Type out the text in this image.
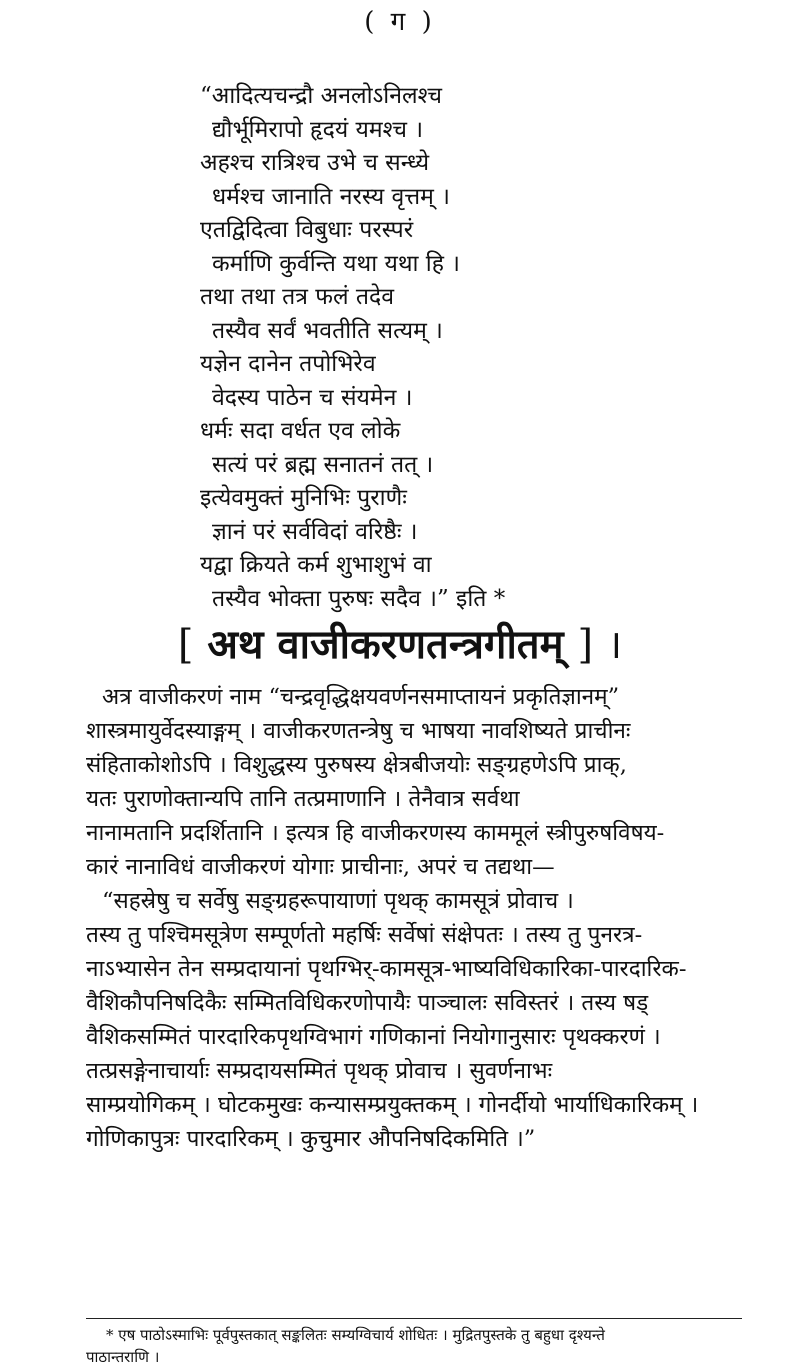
( ग )
“आदित्यचन्द्रौ अनलोऽनिलश्च
द्यौर्भूमिरापो हृदयं यमश्च ।
अहश्च रात्रिश्च उभे च सन्ध्ये
धर्मश्च जानाति नरस्य वृत्तम् ।
एतद्विदित्वा विबुधाः परस्परं
कर्माणि कुर्वन्ति यथा यथा हि ।
तथा तथा तत्र फलं तदेव
तस्यैव सर्वं भवतीति सत्यम् ।
यज्ञेन दानेन तपोभिरेव
वेदस्य पाठेन च संयमेन ।
धर्मः सदा वर्धत एव लोके
सत्यं परं ब्रह्म सनातनं तत् ।
इत्येवमुक्तं मुनिभिः पुराणैः
ज्ञानं परं सर्वविदां वरिष्ठैः ।
यद्वा क्रियते कर्म शुभाशुभं वा
तस्यैव भोक्ता पुरुषः सदैव ।” इति *
[ अथ वाजीकरणतन्त्रगीतम् ] ।
अत्र वाजीकरणं नाम “चन्द्रवृद्धिक्षयवर्णनसमाप्तायनं प्रकृतिज्ञानम्”
शास्त्रमायुर्वेदस्याङ्गम् । वाजीकरणतन्त्रेषु च भाषया नावशिष्यते प्राचीनः
संहिताकोशोऽपि । विशुद्धस्य पुरुषस्य क्षेत्रबीजयोः सङ्ग्रहणेऽपि प्राक्,
यतः पुराणोक्तान्यपि तानि तत्प्रमाणानि । तेनैवात्र सर्वथा
नानामतानि प्रदर्शितानि । इत्यत्र हि वाजीकरणस्य काममूलं स्त्रीपुरुषविषय-
कारं नानाविधं वाजीकरणं योगाः प्राचीनाः, अपरं च तद्यथा—
“सहस्रेषु च सर्वेषु सङ्ग्रहरूपायाणां पृथक् कामसूत्रं प्रोवाच ।
तस्य तु पश्चिमसूत्रेण सम्पूर्णतो महर्षिः सर्वेषां संक्षेपतः । तस्य तु पुनरत्र-
नाऽभ्यासेन तेन सम्प्रदायानां पृथग्भिर्-कामसूत्र-भाष्यविधिकारिका-पारदारिक-
वैशिकौपनिषदिकैः सम्मितविधिकरणोपायैः पाञ्चालः सविस्तरं । तस्य षड्
वैशिकसम्मितं पारदारिकपृथग्विभागं गणिकानां नियोगानुसारः पृथक्करणं ।
तत्प्रसङ्गेनाचार्याः सम्प्रदायसम्मितं पृथक् प्रोवाच । सुवर्णनाभः
साम्प्रयोगिकम् । घोटकमुखः कन्यासम्प्रयुक्तकम् । गोनर्दीयो भार्याधिकारिकम् ।
गोणिकापुत्रः पारदारिकम् । कुचुमार औपनिषदिकमिति ।”
* एष पाठोऽस्माभिः पूर्वपुस्तकात् सङ्कलितः सम्यग्विचार्य शोधितः । मुद्रितपुस्तके तु बहुधा दृश्यन्ते
पाठान्तराणि ।
